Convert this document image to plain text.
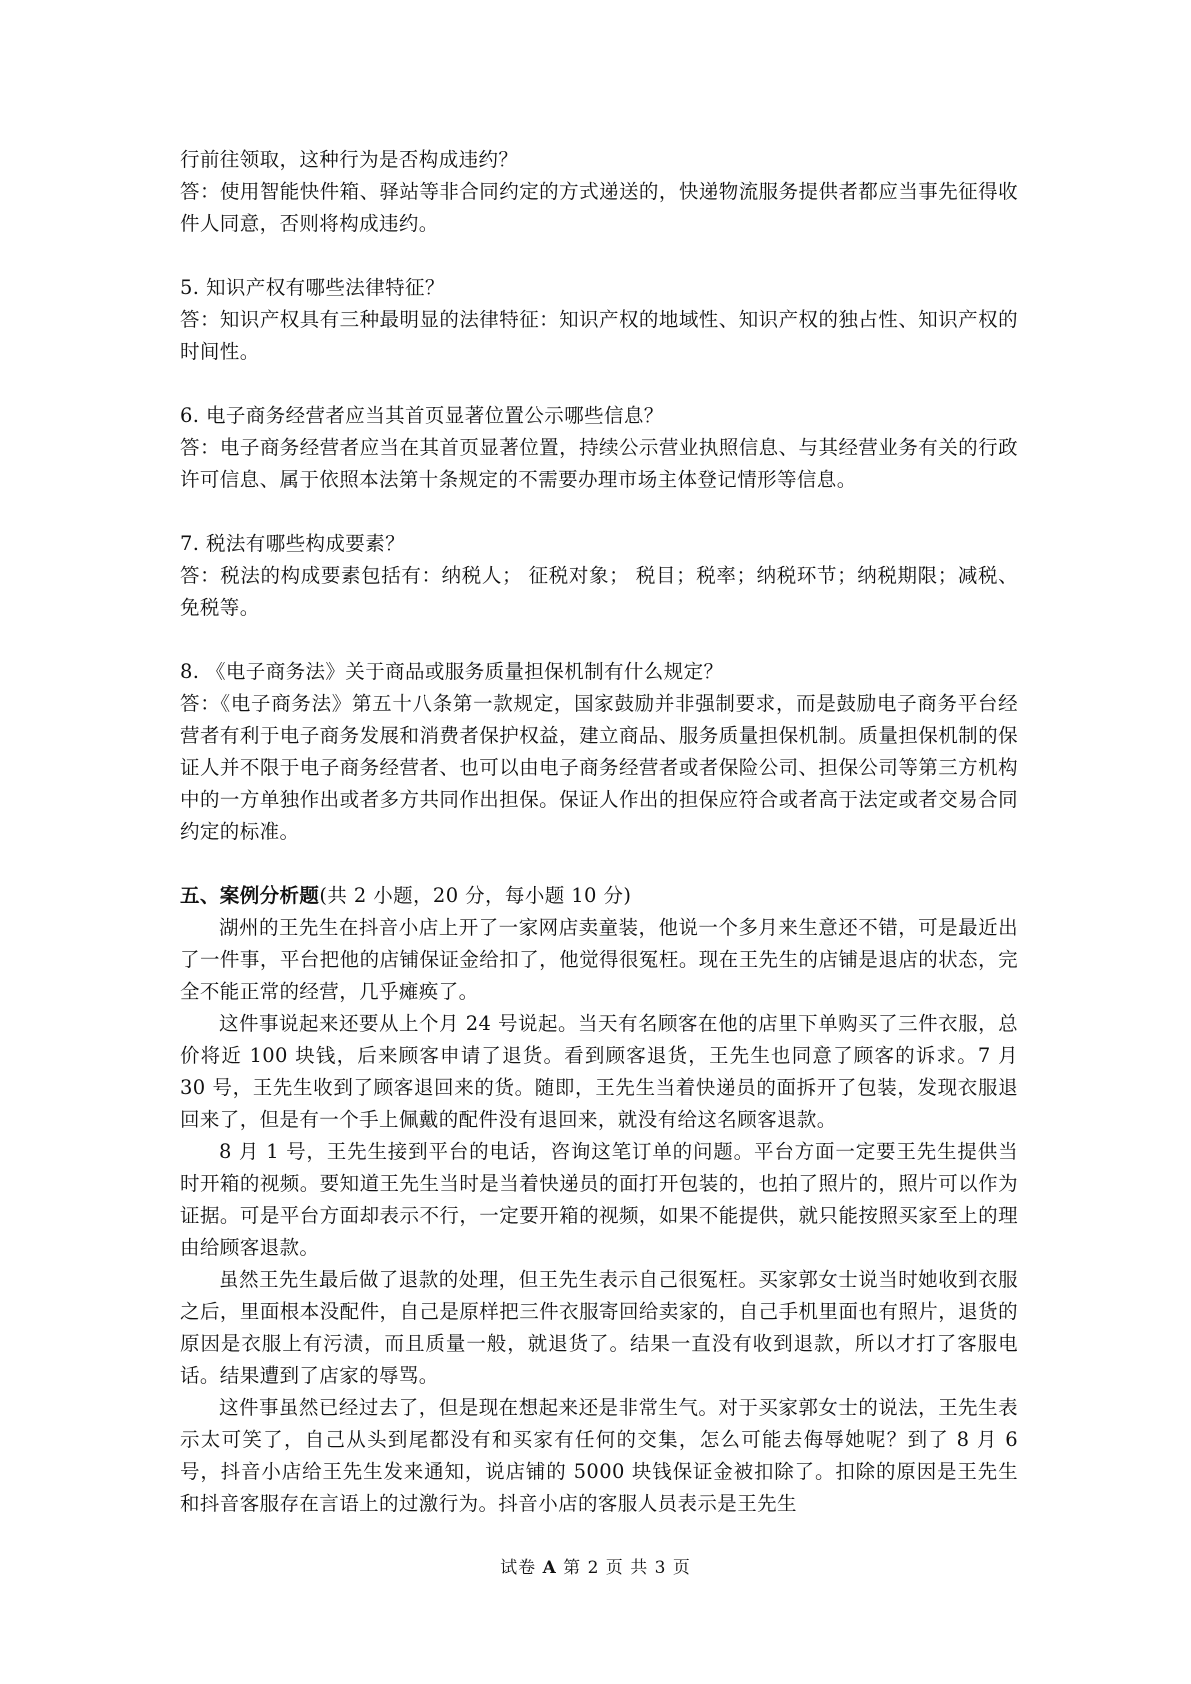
行前往领取，这种行为是否构成违约？

答：使用智能快件箱、驿站等非合同约定的方式递送的，快递物流服务提供者都应当事先征得收件人同意，否则将构成违约。

5. 知识产权有哪些法律特征？

答：知识产权具有三种最明显的法律特征：知识产权的地域性、知识产权的独占性、知识产权的时间性。

6. 电子商务经营者应当其首页显著位置公示哪些信息？

答：电子商务经营者应当在其首页显著位置，持续公示营业执照信息、与其经营业务有关的行政许可信息、属于依照本法第十条规定的不需要办理市场主体登记情形等信息。

7. 税法有哪些构成要素？

答：税法的构成要素包括有：纳税人； 征税对象； 税目；税率；纳税环节；纳税期限；减税、免税等。

8. 《电子商务法》关于商品或服务质量担保机制有什么规定？

答：《电子商务法》第五十八条第一款规定，国家鼓励并非强制要求，而是鼓励电子商务平台经营者有利于电子商务发展和消费者保护权益，建立商品、服务质量担保机制。质量担保机制的保证人并不限于电子商务经营者、也可以由电子商务经营者或者保险公司、担保公司等第三方机构中的一方单独作出或者多方共同作出担保。保证人作出的担保应符合或者高于法定或者交易合同约定的标准。

五、案例分析题(共 2 小题，20 分，每小题 10 分)

湖州的王先生在抖音小店上开了一家网店卖童装，他说一个多月来生意还不错，可是最近出了一件事，平台把他的店铺保证金给扣了，他觉得很冤枉。现在王先生的店铺是退店的状态，完全不能正常的经营，几乎瘫痪了。

这件事说起来还要从上个月 24 号说起。当天有名顾客在他的店里下单购买了三件衣服，总价将近 100 块钱，后来顾客申请了退货。看到顾客退货，王先生也同意了顾客的诉求。7 月 30 号，王先生收到了顾客退回来的货。随即，王先生当着快递员的面拆开了包装，发现衣服退回来了，但是有一个手上佩戴的配件没有退回来，就没有给这名顾客退款。

8 月 1 号，王先生接到平台的电话，咨询这笔订单的问题。平台方面一定要王先生提供当时开箱的视频。要知道王先生当时是当着快递员的面打开包装的，也拍了照片的，照片可以作为证据。可是平台方面却表示不行，一定要开箱的视频，如果不能提供，就只能按照买家至上的理由给顾客退款。

虽然王先生最后做了退款的处理，但王先生表示自己很冤枉。买家郭女士说当时她收到衣服之后，里面根本没配件，自己是原样把三件衣服寄回给卖家的，自己手机里面也有照片，退货的原因是衣服上有污渍，而且质量一般，就退货了。结果一直没有收到退款，所以才打了客服电话。结果遭到了店家的辱骂。

这件事虽然已经过去了，但是现在想起来还是非常生气。对于买家郭女士的说法，王先生表示太可笑了，自己从头到尾都没有和买家有任何的交集，怎么可能去侮辱她呢？到了 8 月 6 号，抖音小店给王先生发来通知，说店铺的 5000 块钱保证金被扣除了。扣除的原因是王先生和抖音客服存在言语上的过激行为。抖音小店的客服人员表示是王先生

试卷 A 第 2 页 共 3 页
